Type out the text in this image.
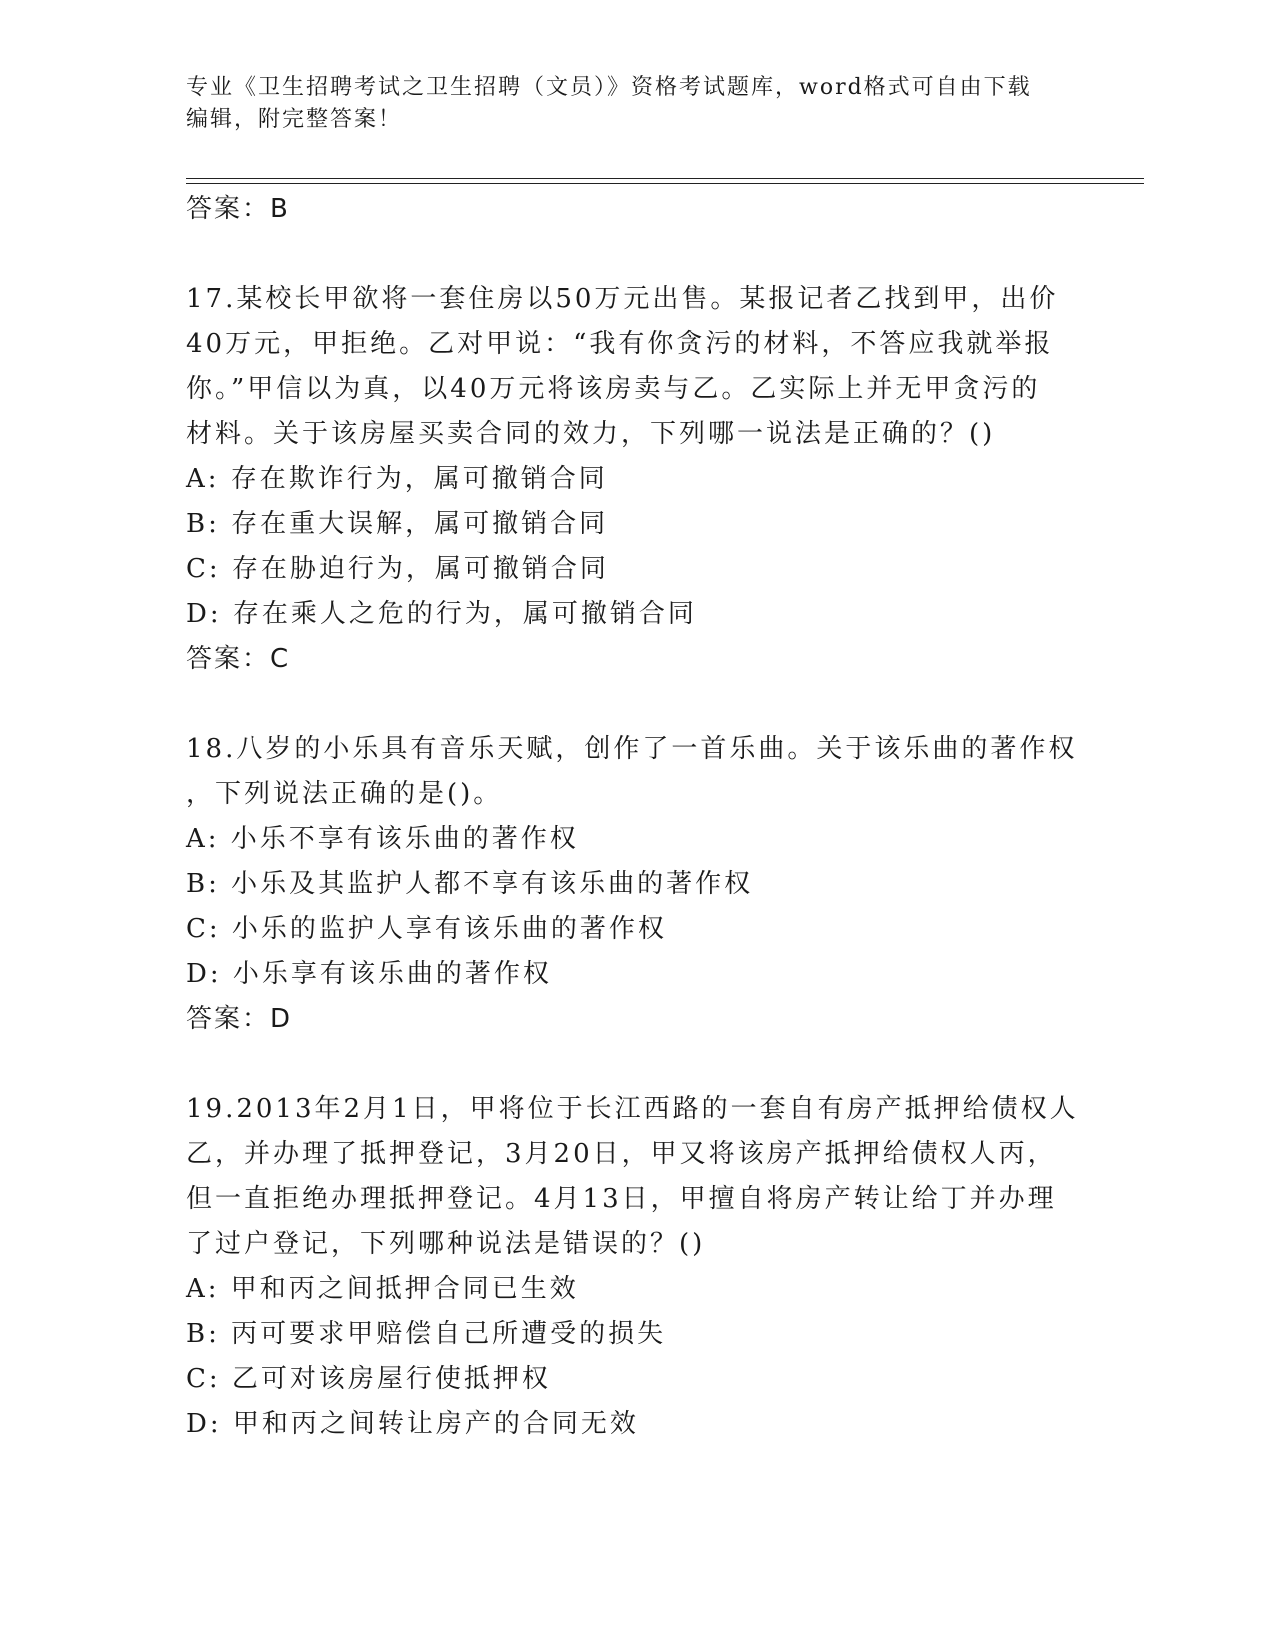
专业《卫生招聘考试之卫生招聘（文员）》资格考试题库，word格式可自由下载

编辑，附完整答案！

答案：B
17.某校长甲欲将一套住房以50万元出售。某报记者乙找到甲，出价
40万元，甲拒绝。乙对甲说：“我有你贪污的材料，不答应我就举报
你。”甲信以为真，以40万元将该房卖与乙。乙实际上并无甲贪污的
材料。关于该房屋买卖合同的效力，下列哪一说法是正确的？()
A: 存在欺诈行为，属可撤销合同
B: 存在重大误解，属可撤销合同
C: 存在胁迫行为，属可撤销合同
D: 存在乘人之危的行为，属可撤销合同
答案：C
18.八岁的小乐具有音乐天赋，创作了一首乐曲。关于该乐曲的著作权
，下列说法正确的是()。
A: 小乐不享有该乐曲的著作权
B: 小乐及其监护人都不享有该乐曲的著作权
C: 小乐的监护人享有该乐曲的著作权
D: 小乐享有该乐曲的著作权
答案：D
19.2013年2月1日，甲将位于长江西路的一套自有房产抵押给债权人
乙，并办理了抵押登记，3月20日，甲又将该房产抵押给债权人丙，
但一直拒绝办理抵押登记。4月13日，甲擅自将房产转让给丁并办理
了过户登记，下列哪种说法是错误的？()
A: 甲和丙之间抵押合同已生效
B: 丙可要求甲赔偿自己所遭受的损失
C: 乙可对该房屋行使抵押权
D: 甲和丙之间转让房产的合同无效
